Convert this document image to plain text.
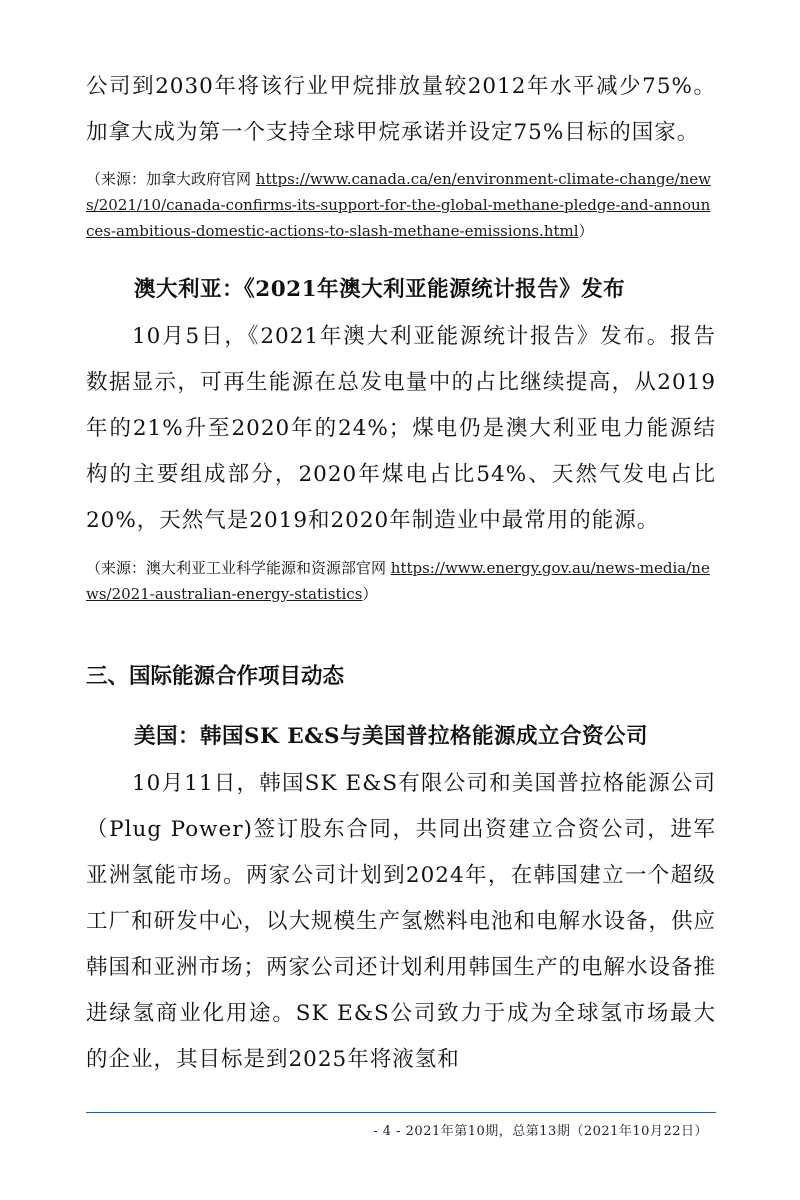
公司到2030年将该行业甲烷排放量较2012年水平减少75%。加拿大成为第一个支持全球甲烷承诺并设定75%目标的国家。

（来源：加拿大政府官网 https://www.canada.ca/en/environment-climate-change/news/2021/10/canada-confirms-its-support-for-the-global-methane-pledge-and-announces-ambitious-domestic-actions-to-slash-methane-emissions.html）

澳大利亚：《2021年澳大利亚能源统计报告》发布

10月5日，《2021年澳大利亚能源统计报告》发布。报告数据显示，可再生能源在总发电量中的占比继续提高，从2019年的21%升至2020年的24%；煤电仍是澳大利亚电力能源结构的主要组成部分，2020年煤电占比54%、天然气发电占比20%，天然气是2019和2020年制造业中最常用的能源。

（来源：澳大利亚工业科学能源和资源部官网 https://www.energy.gov.au/news-media/news/2021-australian-energy-statistics）

三、国际能源合作项目动态
美国：韩国SK E&S与美国普拉格能源成立合资公司

10月11日，韩国SK E&S有限公司和美国普拉格能源公司（Plug Power)签订股东合同，共同出资建立合资公司，进军亚洲氢能市场。两家公司计划到2024年，在韩国建立一个超级工厂和研发中心，以大规模生产氢燃料电池和电解水设备，供应韩国和亚洲市场；两家公司还计划利用韩国生产的电解水设备推进绿氢商业化用途。SK E&S公司致力于成为全球氢市场最大的企业，其目标是到2025年将液氢和

- 4 - 2021年第10期，总第13期（2021年10月22日）
